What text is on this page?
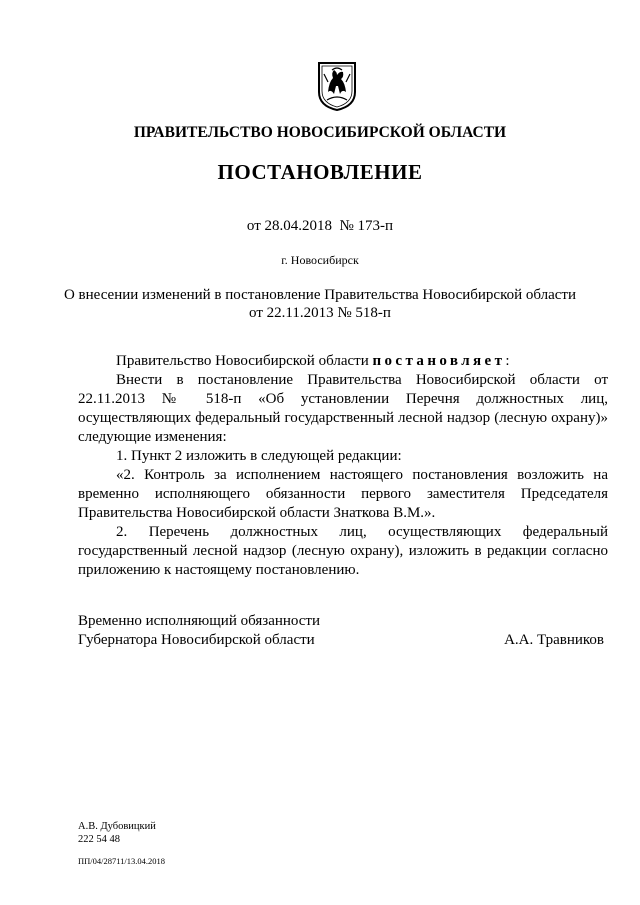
ПРАВИТЕЛЬСТВО НОВОСИБИРСКОЙ ОБЛАСТИ
ПОСТАНОВЛЕНИЕ
от 28.04.2018  № 173-п
г. Новосибирск
О внесении изменений в постановление Правительства Новосибирской области
от 22.11.2013 № 518-п

Правительство Новосибирской области постановляет:

Внести в постановление Правительства Новосибирской области от 22.11.2013 № 518-п «Об установлении Перечня должностных лиц, осуществляющих федеральный государственный лесной надзор (лесную охрану)» следующие изменения:

1. Пункт 2 изложить в следующей редакции:

«2. Контроль за исполнением настоящего постановления возложить на временно исполняющего обязанности первого заместителя Председателя Правительства Новосибирской области Знаткова В.М.».

2. Перечень должностных лиц, осуществляющих федеральный государственный лесной надзор (лесную охрану), изложить в редакции согласно приложению к настоящему постановлению.

Временно исполняющий обязанности
Губернатора Новосибирской области	А.А. Травников
А.В. Дубовицкий
222 54 48
ПП/04/28711/13.04.2018
